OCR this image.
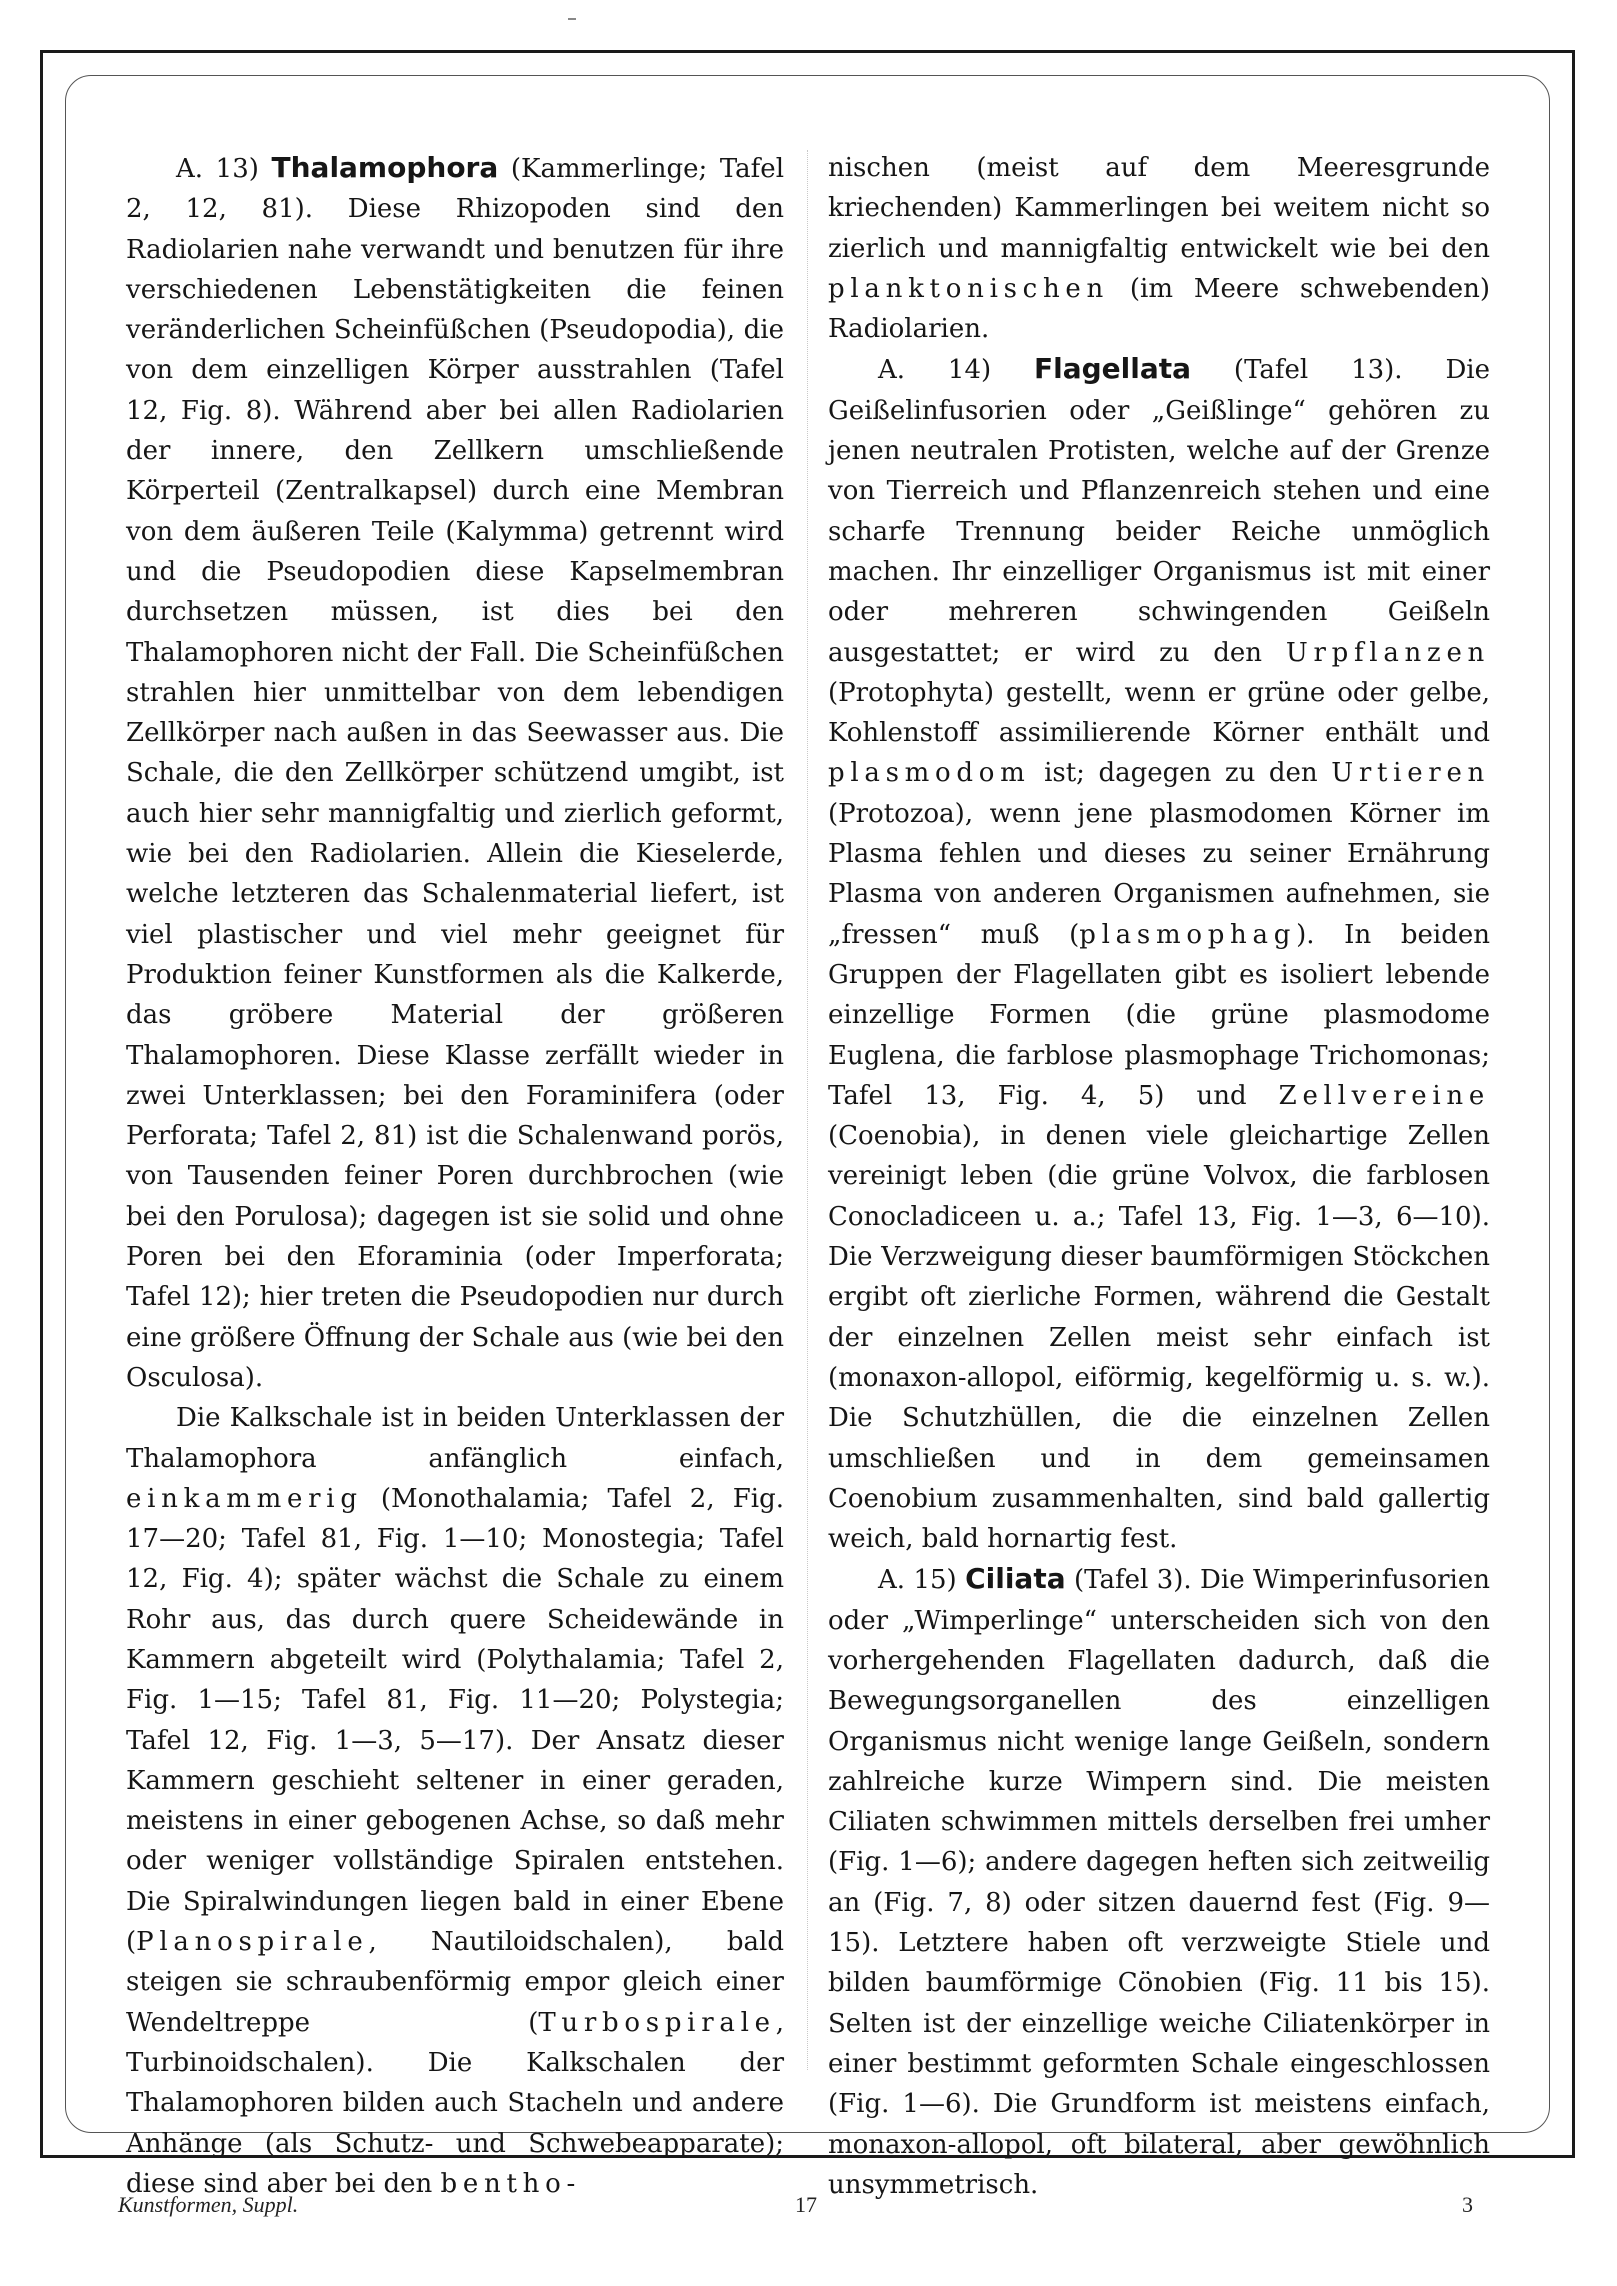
A. 13) Thalamophora (Kammerlinge; Tafel 2, 12, 81). Diese Rhizopoden sind den Radiolarien nahe verwandt und benutzen für ihre verschiedenen Lebenstätigkeiten die feinen veränderlichen Scheinfüßchen (Pseudopodia), die von dem einzelligen Körper ausstrahlen (Tafel 12, Fig. 8). Während aber bei allen Radiolarien der innere, den Zellkern umschließende Körperteil (Zentralkapsel) durch eine Membran von dem äußeren Teile (Kalymma) getrennt wird und die Pseudopodien diese Kapselmembran durchsetzen müssen, ist dies bei den Thalamophoren nicht der Fall. Die Scheinfüßchen strahlen hier unmittelbar von dem lebendigen Zellkörper nach außen in das Seewasser aus. Die Schale, die den Zellkörper schützend umgibt, ist auch hier sehr mannigfaltig und zierlich geformt, wie bei den Radiolarien. Allein die Kieselerde, welche letzteren das Schalenmaterial liefert, ist viel plastischer und viel mehr geeignet für Produktion feiner Kunstformen als die Kalkerde, das gröbere Material der größeren Thalamophoren. Diese Klasse zerfällt wieder in zwei Unterklassen; bei den Foraminifera (oder Perforata; Tafel 2, 81) ist die Schalenwand porös, von Tausenden feiner Poren durchbrochen (wie bei den Porulosa); dagegen ist sie solid und ohne Poren bei den Eforaminia (oder Imperforata; Tafel 12); hier treten die Pseudopodien nur durch eine größere Öffnung der Schale aus (wie bei den Osculosa).

Die Kalkschale ist in beiden Unterklassen der Thalamophora anfänglich einfach, einkammerig (Monothalamia; Tafel 2, Fig. 17—20; Tafel 81, Fig. 1—10; Monostegia; Tafel 12, Fig. 4); später wächst die Schale zu einem Rohr aus, das durch quere Scheidewände in Kammern abgeteilt wird (Polythalamia; Tafel 2, Fig. 1—15; Tafel 81, Fig. 11—20; Polystegia; Tafel 12, Fig. 1—3, 5—17). Der Ansatz dieser Kammern geschieht seltener in einer geraden, meistens in einer gebogenen Achse, so daß mehr oder weniger vollständige Spiralen entstehen. Die Spiralwindungen liegen bald in einer Ebene (Planospirale, Nautiloidschalen), bald steigen sie schraubenförmig empor gleich einer Wendeltreppe (Turbospirale, Turbinoidschalen). Die Kalkschalen der Thalamophoren bilden auch Stacheln und andere Anhänge (als Schutz- und Schwebeapparate); diese sind aber bei den bentho-

nischen (meist auf dem Meeresgrunde kriechenden) Kammerlingen bei weitem nicht so zierlich und mannigfaltig entwickelt wie bei den planktonischen (im Meere schwebenden) Radiolarien.

A. 14) Flagellata (Tafel 13). Die Geißelinfusorien oder „Geißlinge“ gehören zu jenen neutralen Protisten, welche auf der Grenze von Tierreich und Pflanzenreich stehen und eine scharfe Trennung beider Reiche unmöglich machen. Ihr einzelliger Organismus ist mit einer oder mehreren schwingenden Geißeln ausgestattet; er wird zu den Urpflanzen (Protophyta) gestellt, wenn er grüne oder gelbe, Kohlenstoff assimilierende Körner enthält und plasmodom ist; dagegen zu den Urtieren (Protozoa), wenn jene plasmodomen Körner im Plasma fehlen und dieses zu seiner Ernährung Plasma von anderen Organismen aufnehmen, sie „fressen“ muß (plasmophag). In beiden Gruppen der Flagellaten gibt es isoliert lebende einzellige Formen (die grüne plasmodome Euglena, die farblose plasmophage Trichomonas; Tafel 13, Fig. 4, 5) und Zellvereine (Coenobia), in denen viele gleichartige Zellen vereinigt leben (die grüne Volvox, die farblosen Conocladiceen u. a.; Tafel 13, Fig. 1—3, 6—10). Die Verzweigung dieser baumförmigen Stöckchen ergibt oft zierliche Formen, während die Gestalt der einzelnen Zellen meist sehr einfach ist (monaxon-allopol, eiförmig, kegelförmig u. s. w.). Die Schutzhüllen, die die einzelnen Zellen umschließen und in dem gemeinsamen Coenobium zusammenhalten, sind bald gallertig weich, bald hornartig fest.

A. 15) Ciliata (Tafel 3). Die Wimperinfusorien oder „Wimperlinge“ unterscheiden sich von den vorhergehenden Flagellaten dadurch, daß die Bewegungsorganellen des einzelligen Organismus nicht wenige lange Geißeln, sondern zahlreiche kurze Wimpern sind. Die meisten Ciliaten schwimmen mittels derselben frei umher (Fig. 1—6); andere dagegen heften sich zeitweilig an (Fig. 7, 8) oder sitzen dauernd fest (Fig. 9—15). Letztere haben oft verzweigte Stiele und bilden baumförmige Cönobien (Fig. 11 bis 15). Selten ist der einzellige weiche Ciliatenkörper in einer bestimmt geformten Schale eingeschlossen (Fig. 1—6). Die Grundform ist meistens einfach, monaxon-allopol, oft bilateral, aber gewöhnlich unsymmetrisch.

Kunstformen, Suppl.	17	3
